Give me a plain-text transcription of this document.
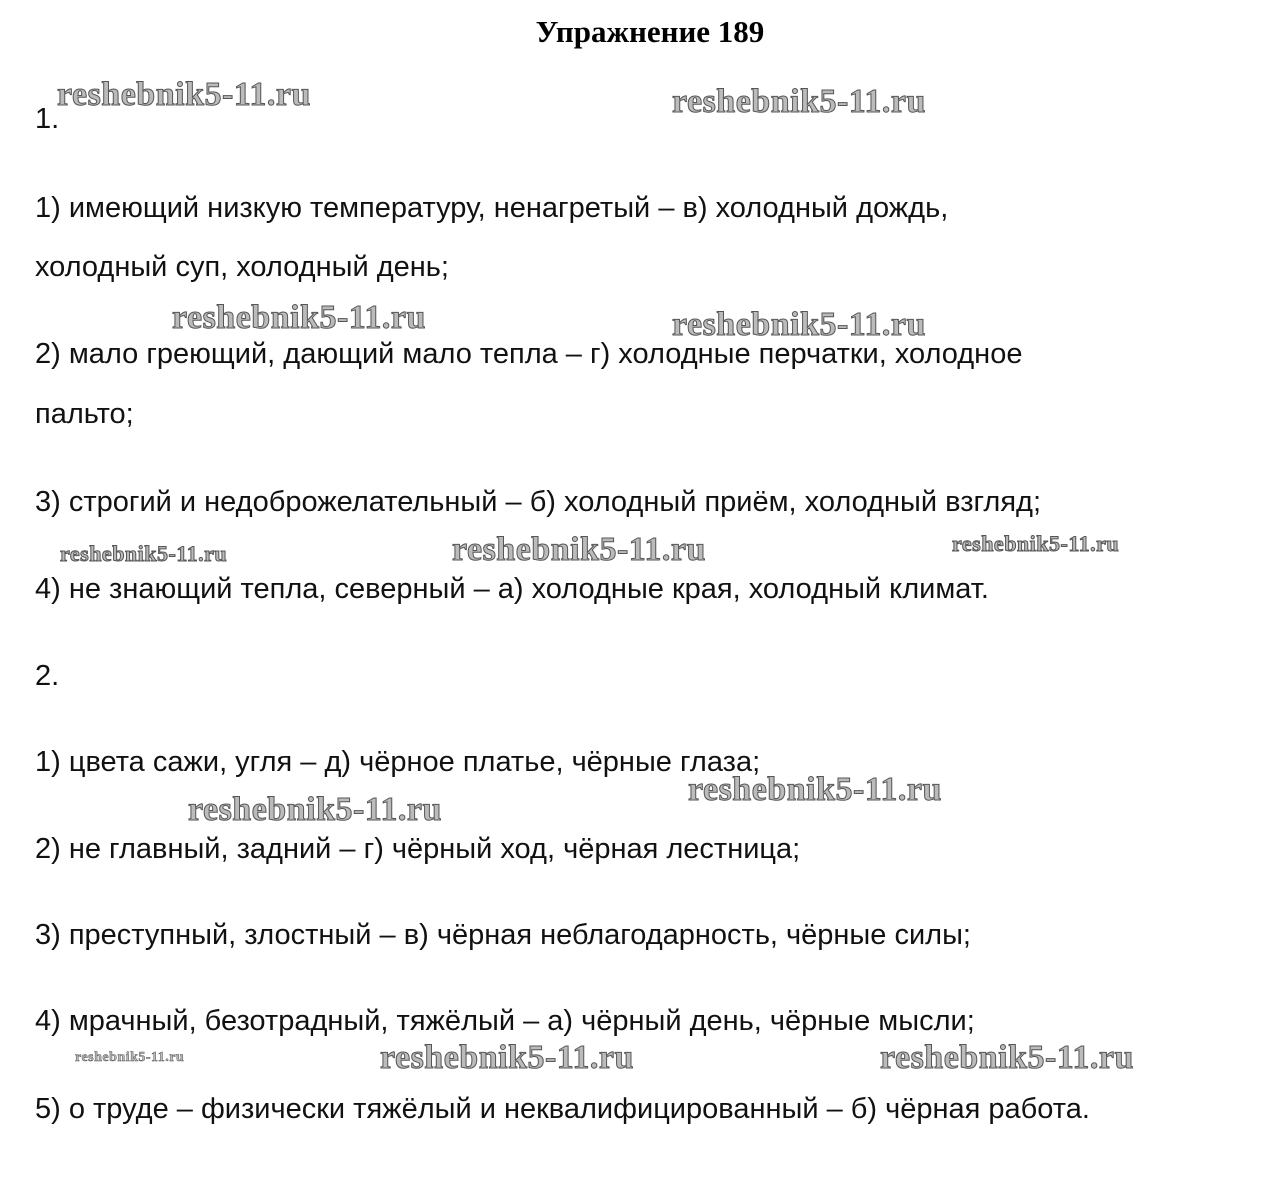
Упражнение 189
reshebnik5-11.ru	reshebnik5-11.ru
reshebnik5-11.ru	reshebnik5-11.ru
reshebnik5-11.ru	reshebnik5-11.ru	reshebnik5-11.ru
reshebnik5-11.ru
reshebnik5-11.ru
reshebnik5-11.ru	reshebnik5-11.ru	reshebnik5-11.ru
1.
1) имеющий низкую температуру, ненагретый – в) холодный дождь,
холодный суп, холодный день;
2) мало греющий, дающий мало тепла – г) холодные перчатки, холодное
пальто;
3) строгий и недоброжелательный – б) холодный приём, холодный взгляд;
4) не знающий тепла, северный – а) холодные края, холодный климат.
2.
1) цвета сажи, угля – д) чёрное платье, чёрные глаза;
2) не главный, задний – г) чёрный ход, чёрная лестница;
3) преступный, злостный – в) чёрная неблагодарность, чёрные силы;
4) мрачный, безотрадный, тяжёлый – а) чёрный день, чёрные мысли;
5) о труде – физически тяжёлый и неквалифицированный – б) чёрная работа.
